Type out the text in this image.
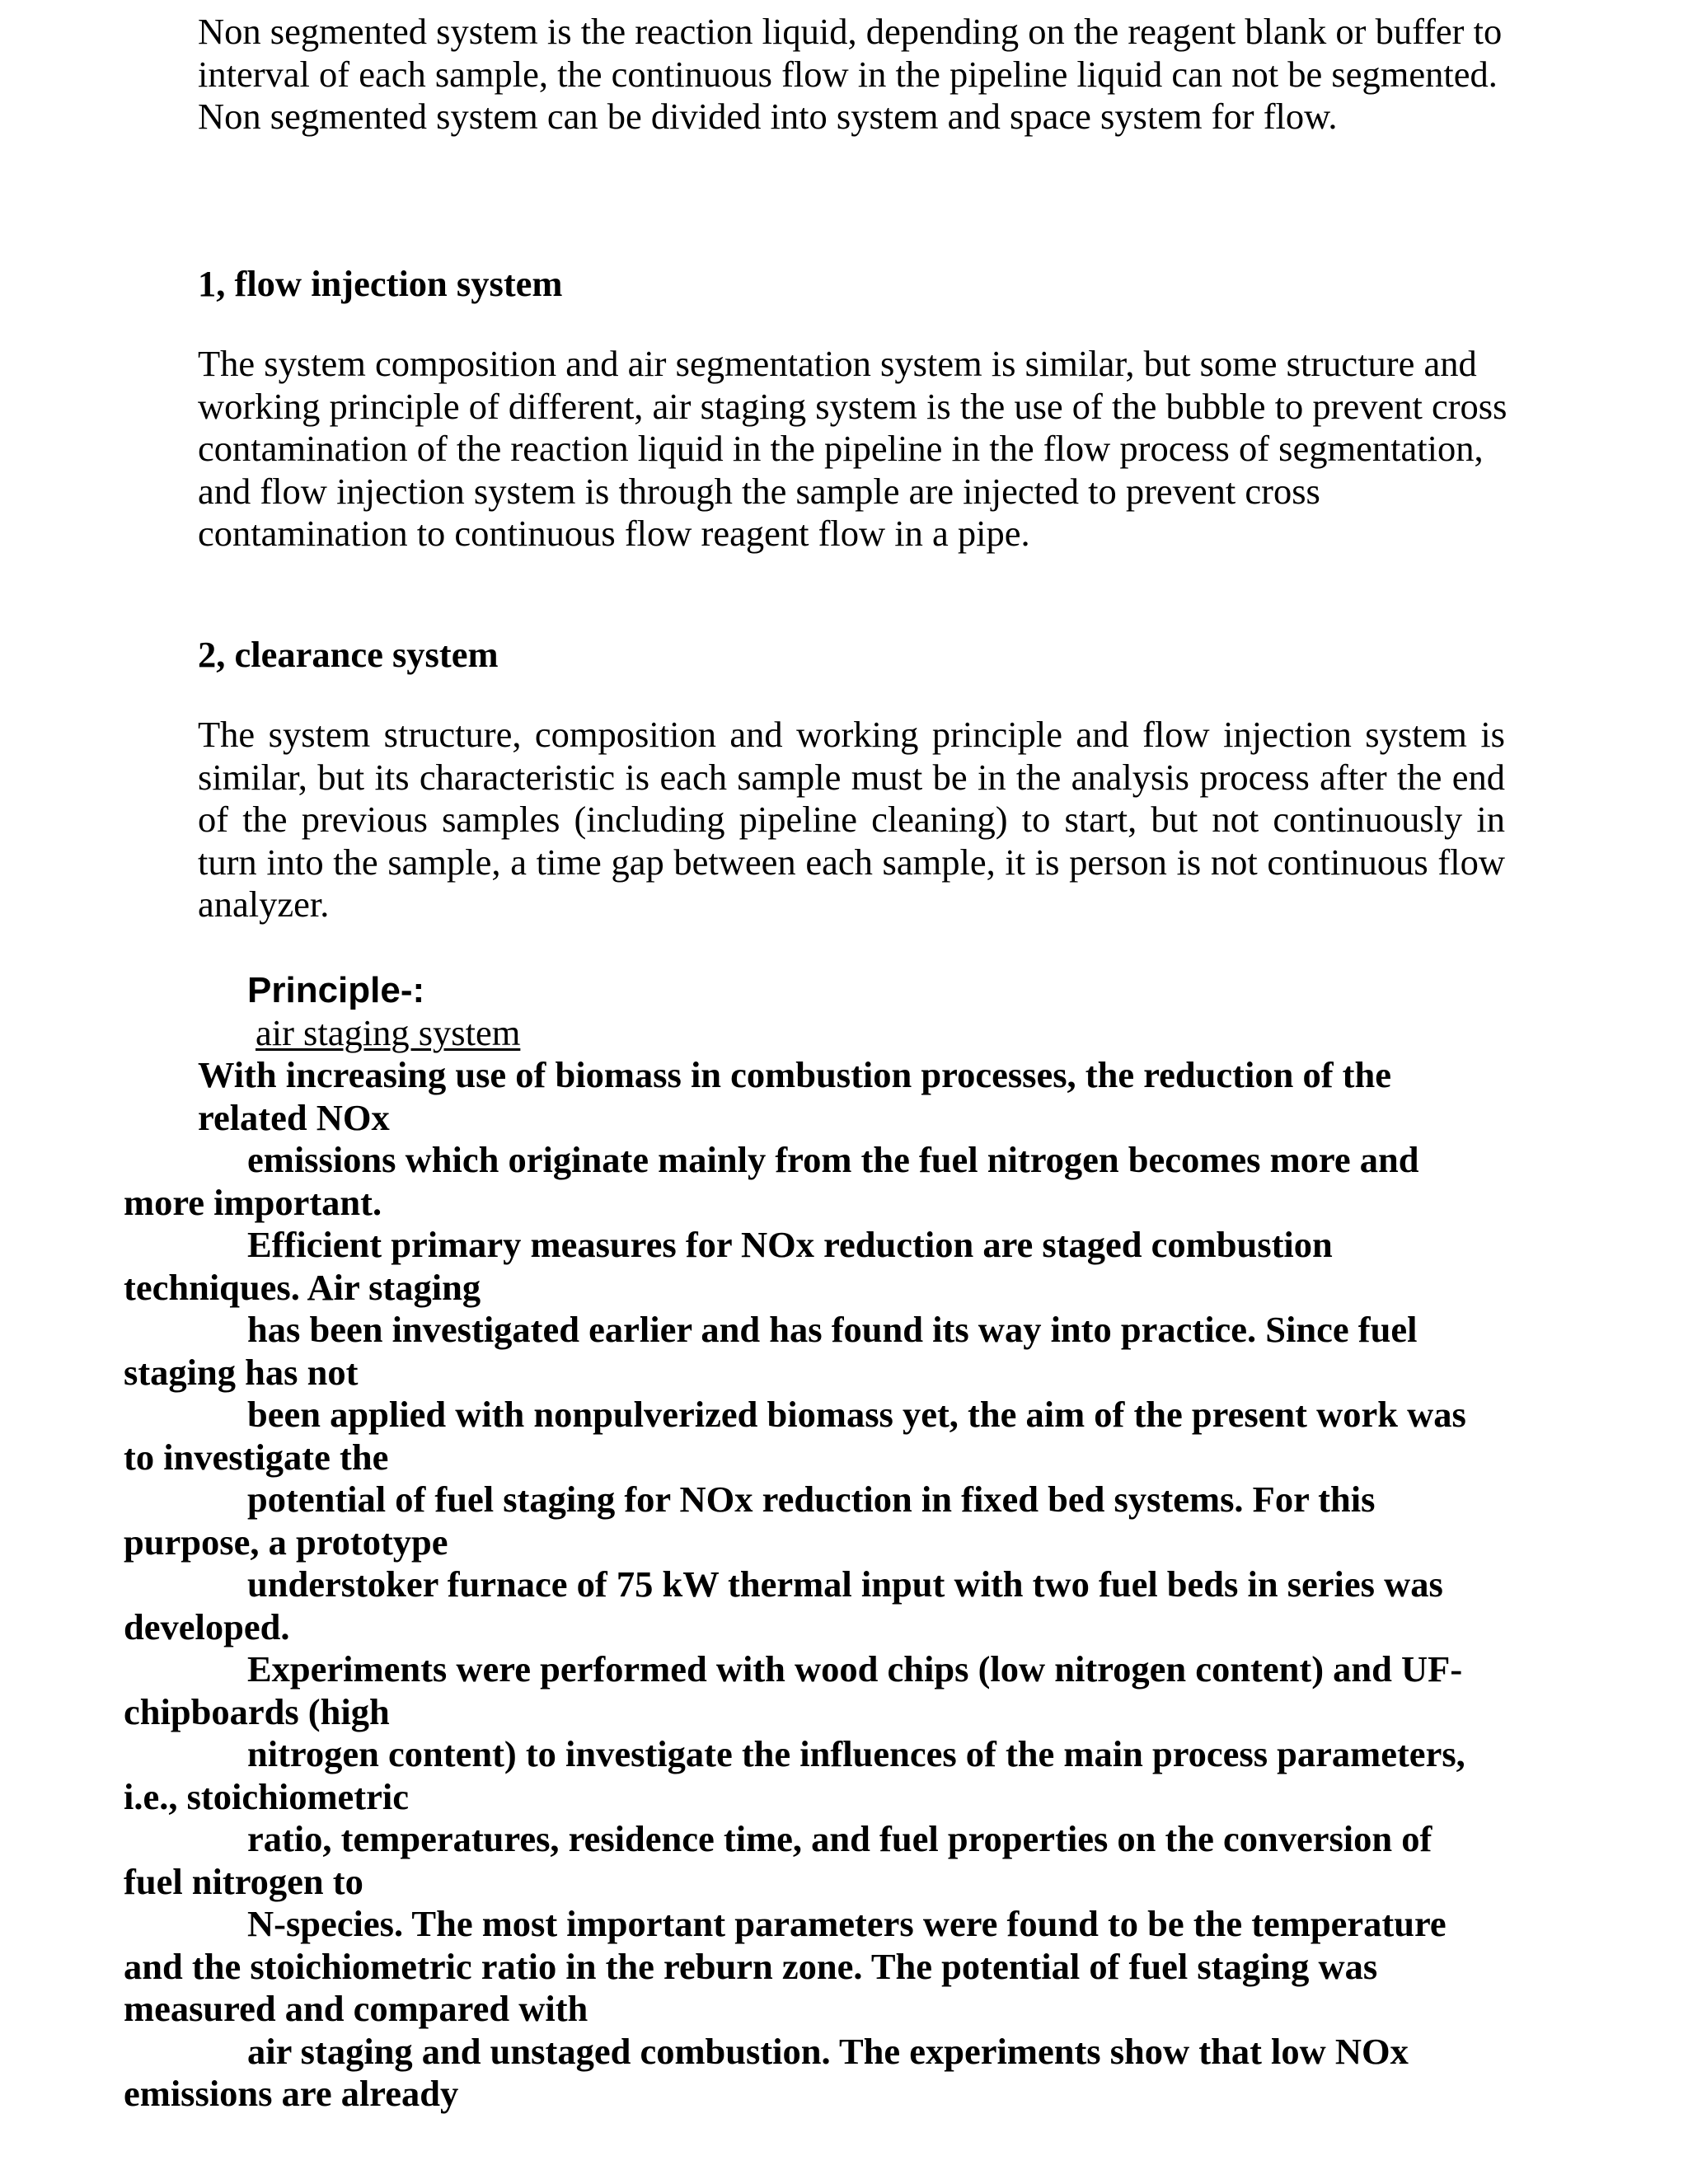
Non segmented system is the reaction liquid, depending on the reagent blank or buffer to interval of each sample, the continuous flow in the pipeline liquid can not be segmented. Non segmented system can be divided into system and space system for flow.

1, flow injection system

The system composition and air segmentation system is similar, but some structure and working principle of different, air staging system is the use of the bubble to prevent cross contamination of the reaction liquid in the pipeline in the flow process of segmentation, and flow injection system is through the sample are injected to prevent cross contamination to continuous flow reagent flow in a pipe.

2, clearance system

The system structure, composition and working principle and flow injection system is similar, but its characteristic is each sample must be in the analysis process after the end of the previous samples (including pipeline cleaning) to start, but not continuously in turn into the sample, a time gap between each sample, it is person is not continuous flow analyzer.

Principle-:

air staging system

With increasing use of biomass in combustion processes, the reduction of the
related NOx
emissions which originate mainly from the fuel nitrogen becomes more and
more important.
Efficient primary measures for NOx reduction are staged combustion
techniques. Air staging
has been investigated earlier and has found its way into practice. Since fuel
staging has not
been applied with nonpulverized biomass yet, the aim of the present work was
to investigate the
potential of fuel staging for NOx reduction in fixed bed systems. For this
purpose, a prototype
understoker furnace of 75 kW thermal input with two fuel beds in series was
developed.
Experiments were performed with wood chips (low nitrogen content) and UF-
chipboards (high
nitrogen content) to investigate the influences of the main process parameters,
i.e., stoichiometric
ratio, temperatures, residence time, and fuel properties on the conversion of
fuel nitrogen to
N-species. The most important parameters were found to be the temperature
and the stoichiometric ratio in the reburn zone. The potential of fuel staging was
measured and compared with
air staging and unstaged combustion. The experiments show that low NOx
emissions are already
